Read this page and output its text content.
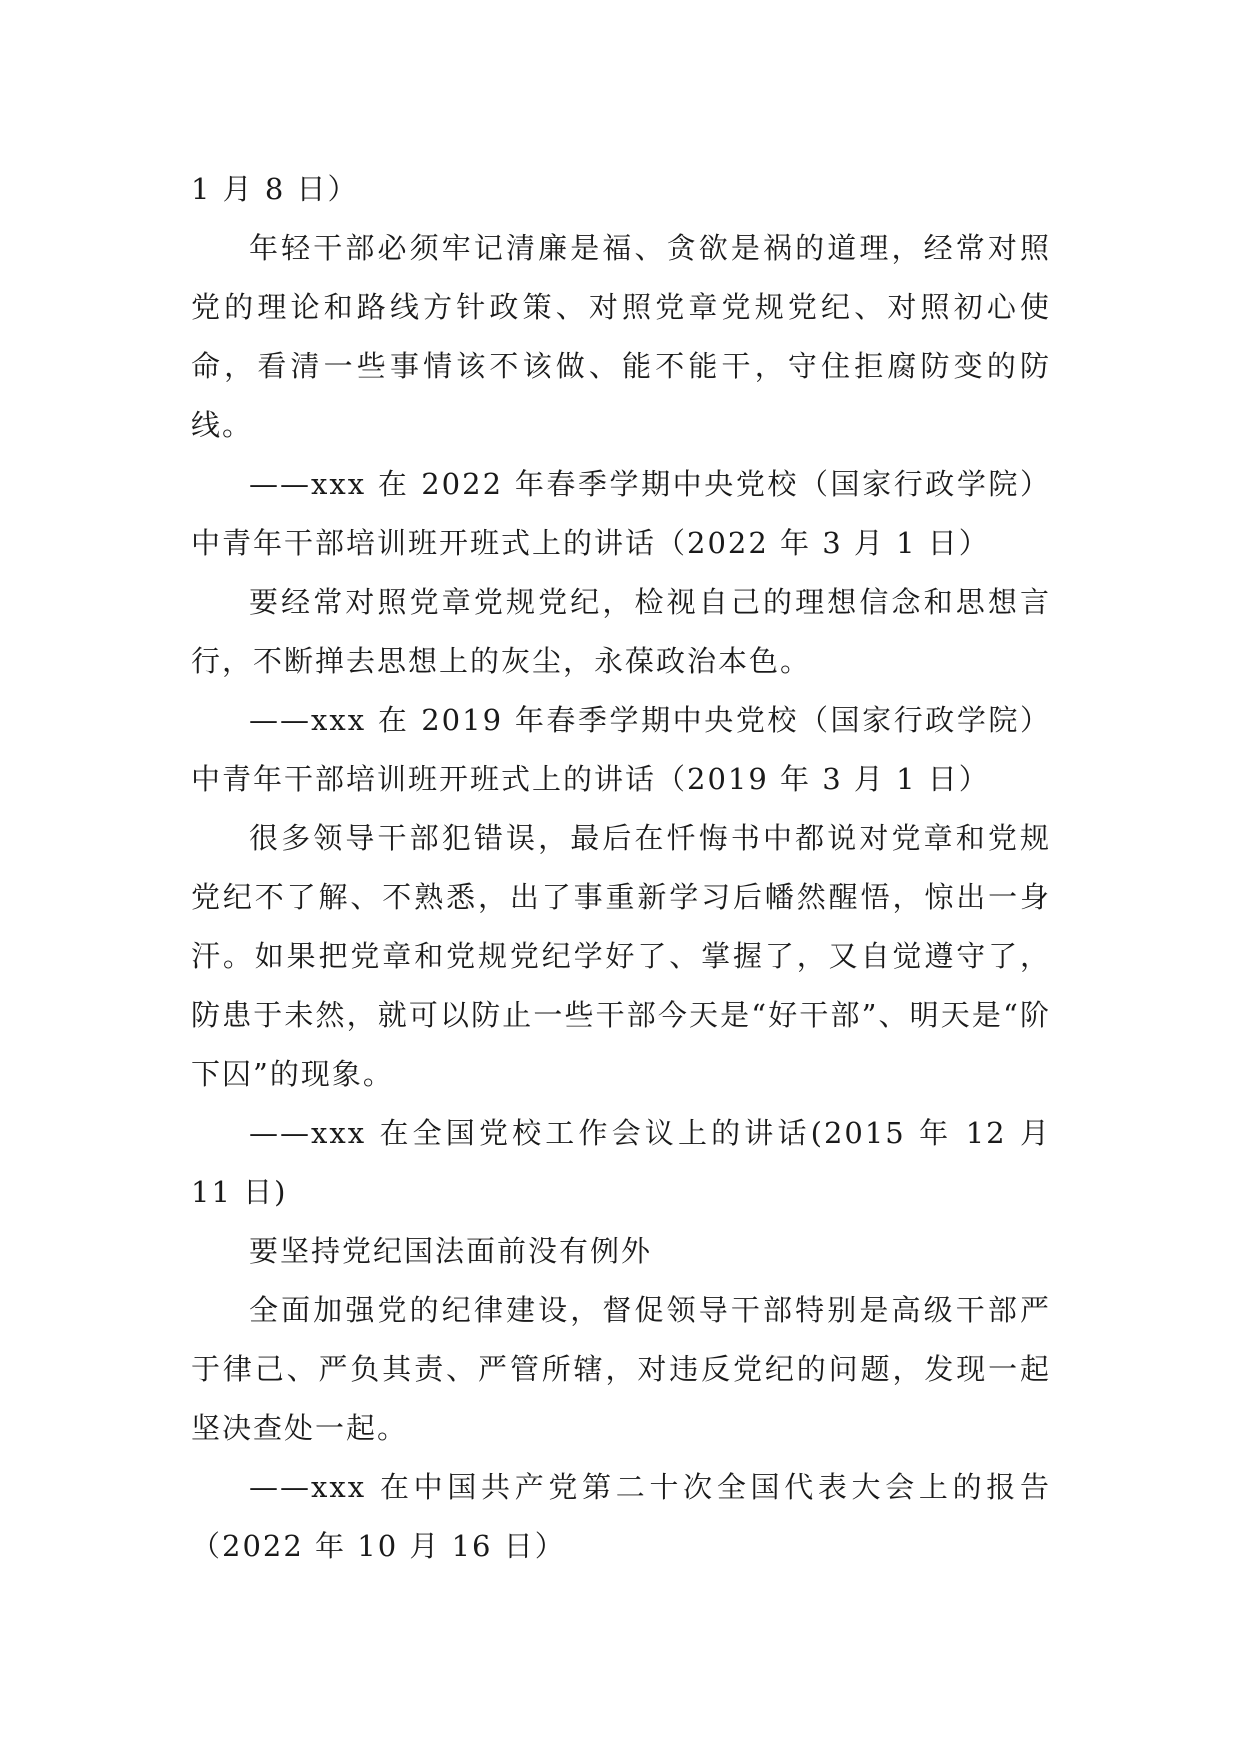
1 月 8 日）

年轻干部必须牢记清廉是福、贪欲是祸的道理，经常对照党的理论和路线方针政策、对照党章党规党纪、对照初心使命，看清一些事情该不该做、能不能干，守住拒腐防变的防线。

——xxx 在 2022 年春季学期中央党校（国家行政学院）中青年干部培训班开班式上的讲话（2022 年 3 月 1 日）

要经常对照党章党规党纪，检视自己的理想信念和思想言行，不断掸去思想上的灰尘，永葆政治本色。

——xxx 在 2019 年春季学期中央党校（国家行政学院）中青年干部培训班开班式上的讲话（2019 年 3 月 1 日）

很多领导干部犯错误，最后在忏悔书中都说对党章和党规党纪不了解、不熟悉，出了事重新学习后幡然醒悟，惊出一身汗。如果把党章和党规党纪学好了、掌握了，又自觉遵守了，防患于未然，就可以防止一些干部今天是“好干部”、明天是“阶下囚”的现象。

——xxx 在全国党校工作会议上的讲话(2015 年 12 月 11 日)

要坚持党纪国法面前没有例外

全面加强党的纪律建设，督促领导干部特别是高级干部严于律己、严负其责、严管所辖，对违反党纪的问题，发现一起坚决查处一起。

——xxx 在中国共产党第二十次全国代表大会上的报告（2022 年 10 月 16 日）
